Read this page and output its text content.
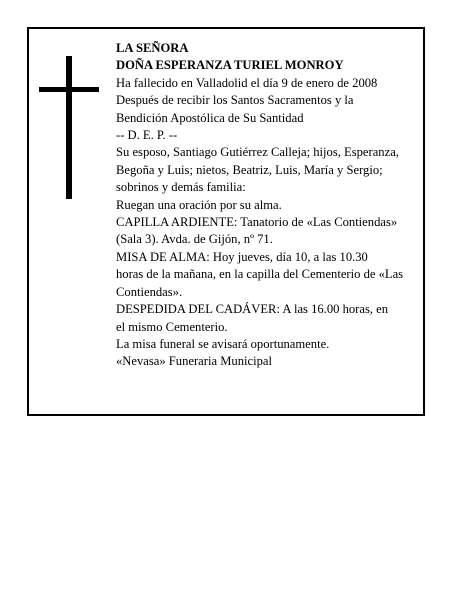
LA SEÑORA
DOÑA ESPERANZA TURIEL MONROY
Ha fallecido en Valladolid el día 9 de enero de 2008
Después de recibir los Santos Sacramentos y la
Bendición Apostólica de Su Santidad
-- D. E. P. --
Su esposo, Santiago Gutiérrez Calleja; hijos, Esperanza,
Begoña y Luis; nietos, Beatriz, Luis, María y Sergio;
sobrinos y demás familia:
Ruegan una oración por su alma.
CAPILLA ARDIENTE: Tanatorio de «Las Contiendas»
(Sala 3). Avda. de Gijón, nº 71.
MISA DE ALMA: Hoy jueves, día 10, a las 10.30
horas de la mañana, en la capilla del Cementerio de «Las
Contiendas».
DESPEDIDA DEL CADÁVER: A las 16.00 horas, en
el mismo Cementerio.
La misa funeral se avisará oportunamente.
«Nevasa» Funeraria Municipal
